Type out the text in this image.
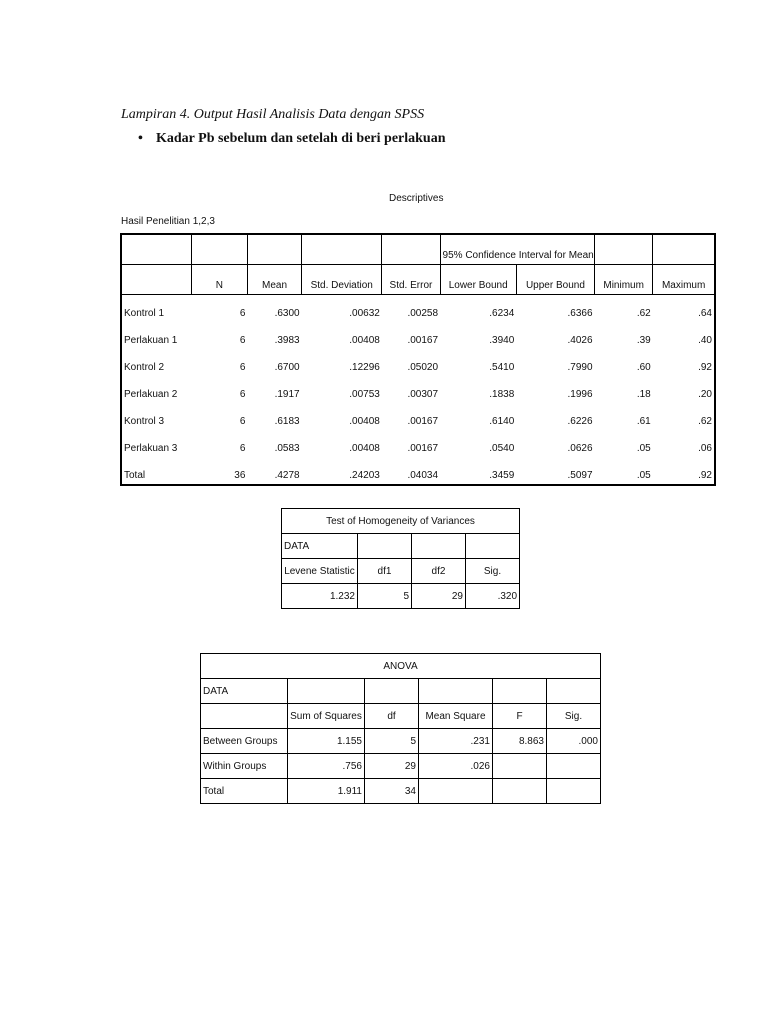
Lampiran 4. Output Hasil Analisis Data dengan SPSS
• Kadar Pb sebelum dan setelah di beri perlakuan
Descriptives
Hasil Penelitian 1,2,3
					95% Confidence Interval for Mean			
	N	Mean	Std. Deviation	Std. Error	Lower Bound	Upper Bound	Minimum	Maximum
Kontrol 1	6	.6300	.00632	.00258	.6234	.6366	.62	.64
Perlakuan 1	6	.3983	.00408	.00167	.3940	.4026	.39	.40
Kontrol 2	6	.6700	.12296	.05020	.5410	.7990	.60	.92
Perlakuan 2	6	.1917	.00753	.00307	.1838	.1996	.18	.20
Kontrol 3	6	.6183	.00408	.00167	.6140	.6226	.61	.62
Perlakuan 3	6	.0583	.00408	.00167	.0540	.0626	.05	.06
Total	36	.4278	.24203	.04034	.3459	.5097	.05	.92
Test of Homogeneity of Variances			
DATA			
Levene Statistic	df1	df2	Sig.
1.232	5	29	.320
ANOVA					
DATA					
	Sum of Squares	df	Mean Square	F	Sig.
Between Groups	1.155	5	.231	8.863	.000
Within Groups	.756	29	.026		
Total	1.911	34			
